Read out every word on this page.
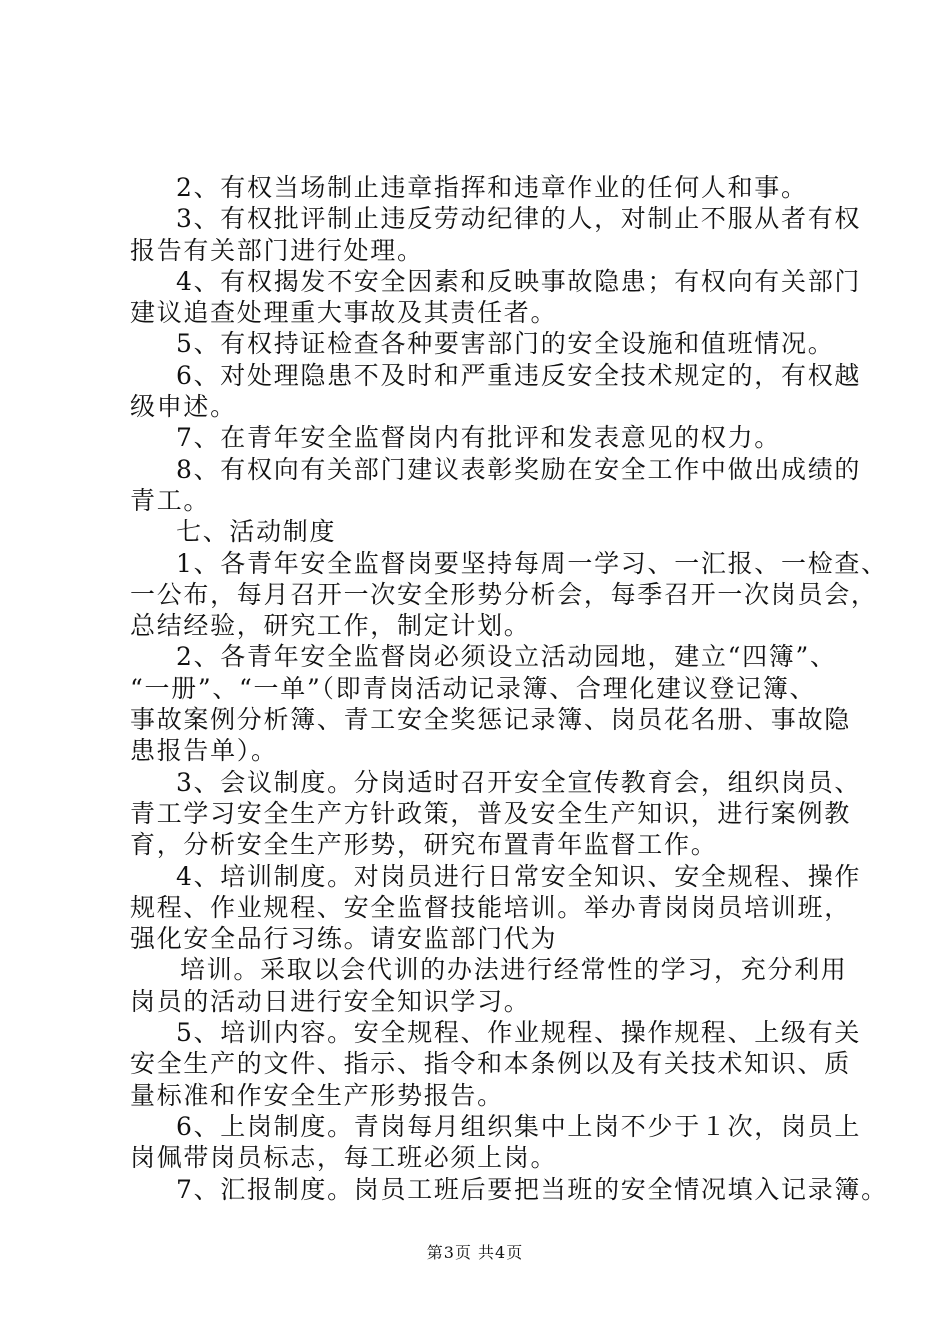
2、有权当场制止违章指挥和违章作业的任何人和事。
3、有权批评制止违反劳动纪律的人，对制止不服从者有权
报告有关部门进行处理。
4、有权揭发不安全因素和反映事故隐患；有权向有关部门
建议追查处理重大事故及其责任者。
5、有权持证检查各种要害部门的安全设施和值班情况。
6、对处理隐患不及时和严重违反安全技术规定的，有权越
级申述。
7、在青年安全监督岗内有批评和发表意见的权力。
8、有权向有关部门建议表彰奖励在安全工作中做出成绩的
青工。
七、活动制度
1、各青年安全监督岗要坚持每周一学习、一汇报、一检查、
一公布，每月召开一次安全形势分析会，每季召开一次岗员会，
总结经验，研究工作，制定计划。
2、各青年安全监督岗必须设立活动园地，建立“四簿”、
“一册”、“一单”（即青岗活动记录簿、合理化建议登记簿、
事故案例分析簿、青工安全奖惩记录簿、岗员花名册、事故隐
患报告单）。
3、会议制度。分岗适时召开安全宣传教育会，组织岗员、
青工学习安全生产方针政策，普及安全生产知识，进行案例教
育，分析安全生产形势，研究布置青年监督工作。
4、培训制度。对岗员进行日常安全知识、安全规程、操作
规程、作业规程、安全监督技能培训。举办青岗岗员培训班，
强化安全品行习练。请安监部门代为
培训。采取以会代训的办法进行经常性的学习，充分利用
岗员的活动日进行安全知识学习。
5、培训内容。安全规程、作业规程、操作规程、上级有关
安全生产的文件、指示、指令和本条例以及有关技术知识、质
量标准和作安全生产形势报告。
6、上岗制度。青岗每月组织集中上岗不少于１次，岗员上
岗佩带岗员标志，每工班必须上岗。
7、汇报制度。岗员工班后要把当班的安全情况填入记录簿。
第3页 共4页
